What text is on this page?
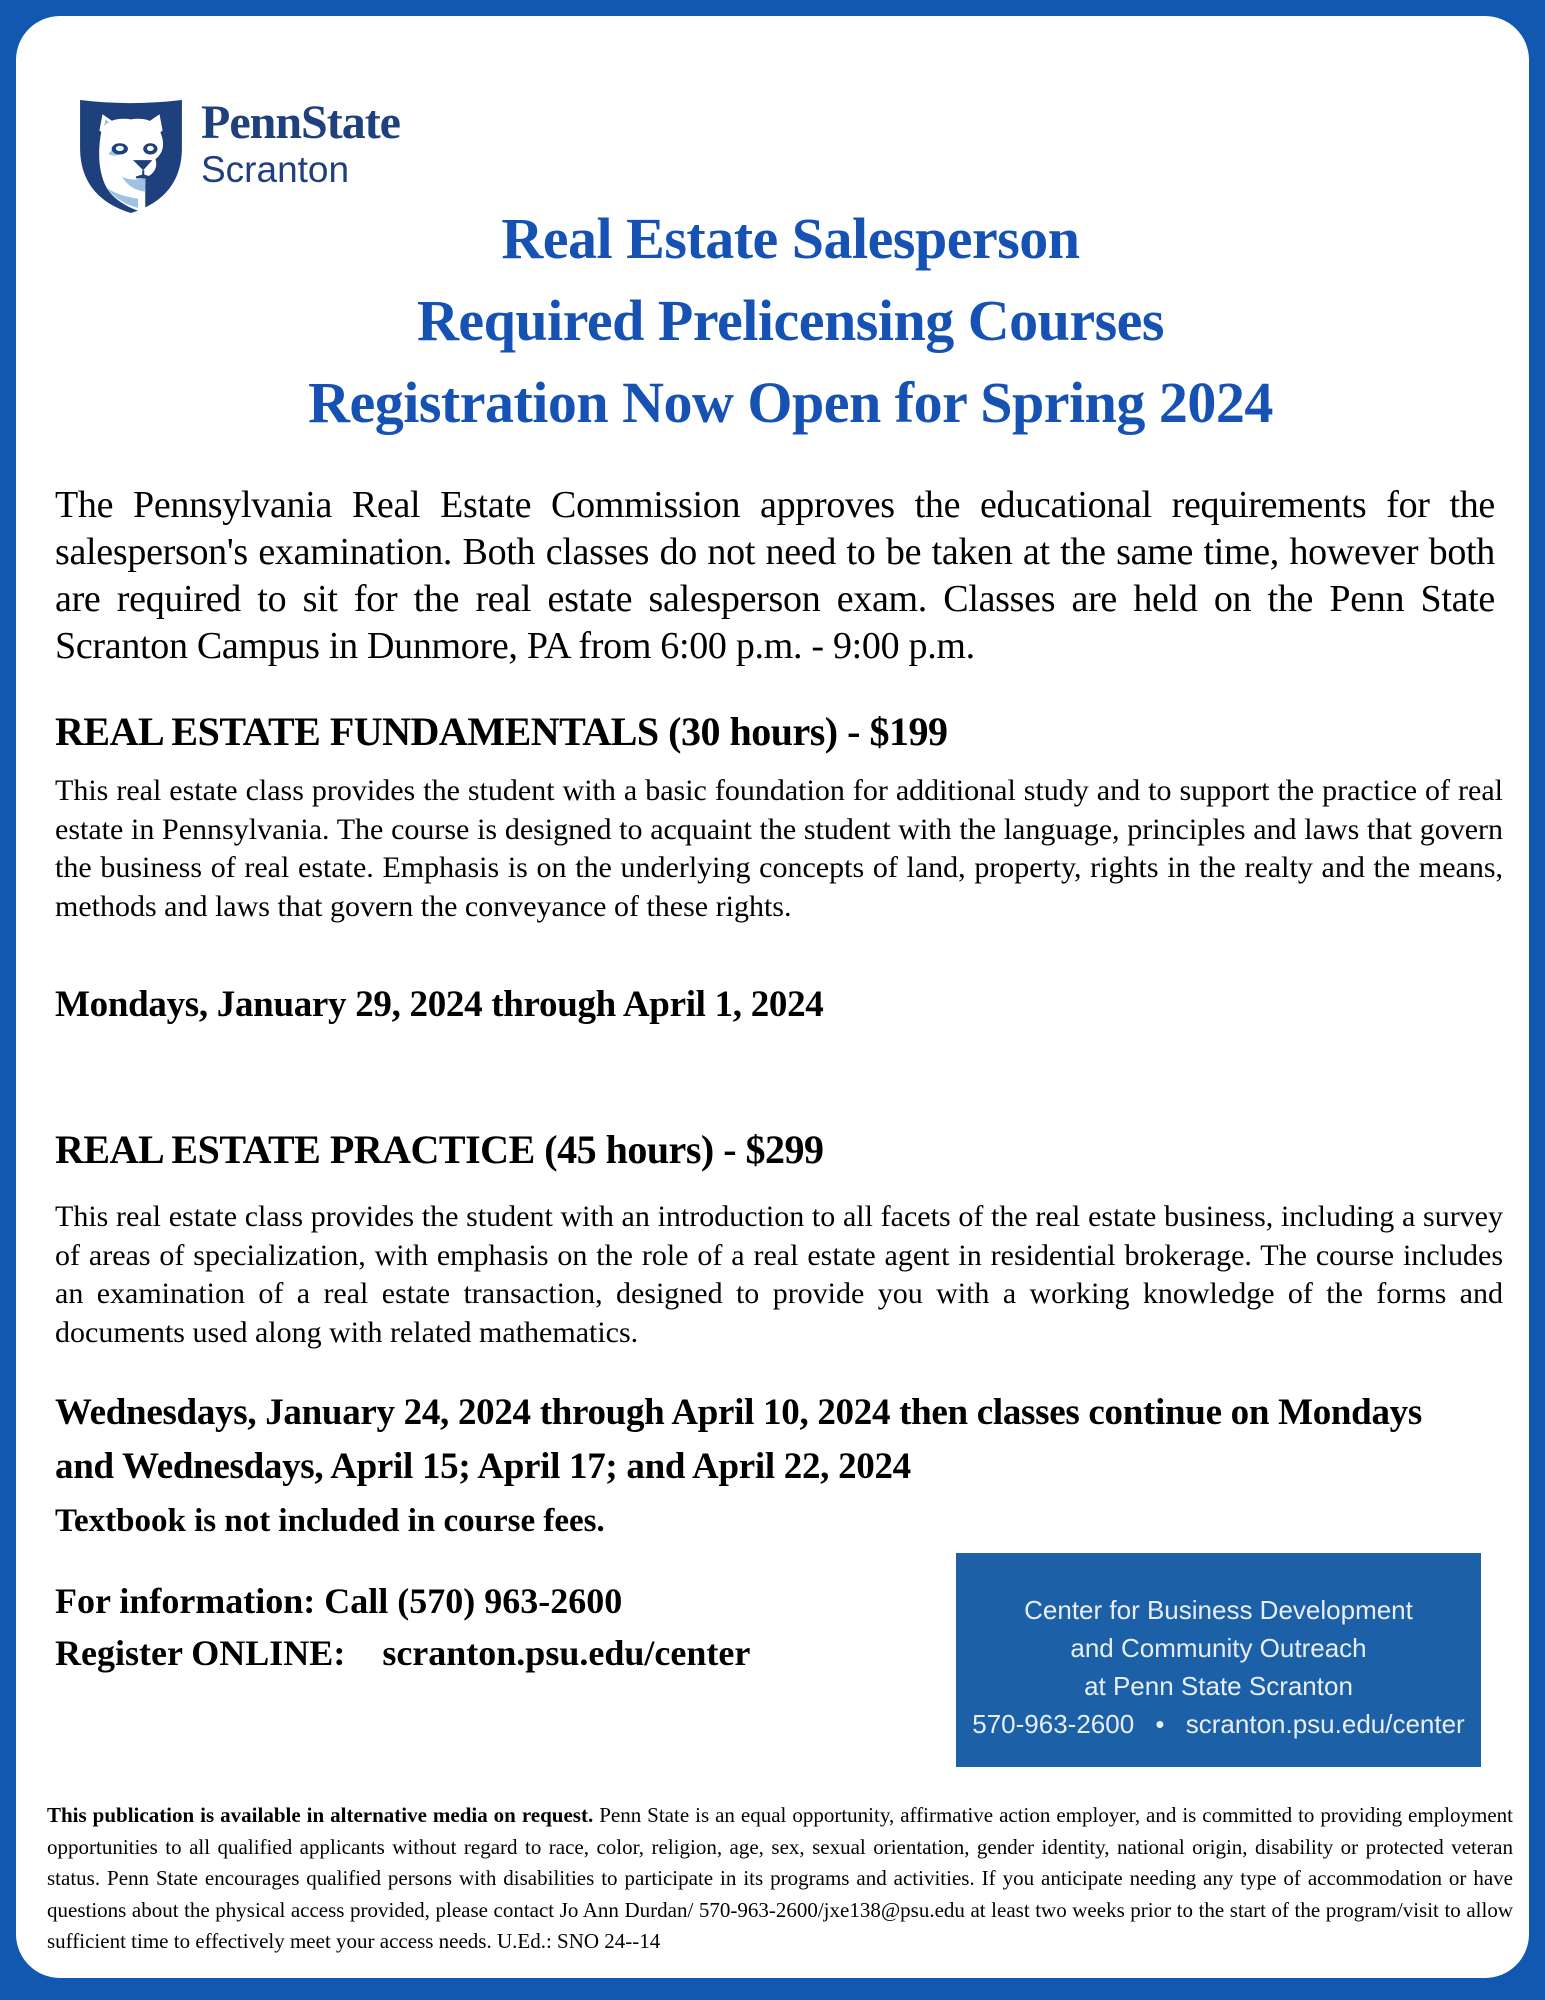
PennState
Scranton
Real Estate Salesperson
Required Prelicensing Courses
Registration Now Open for Spring 2024
The Pennsylvania Real Estate Commission approves the educational requirements for the salesperson's examination. Both classes do not need to be taken at the same time, however both are required to sit for the real estate salesperson exam. Classes are held on the Penn State Scranton Campus in Dunmore, PA from 6:00 p.m. - 9:00 p.m.
REAL ESTATE FUNDAMENTALS (30 hours) - $199
This real estate class provides the student with a basic foundation for additional study and to support the practice of real estate in Pennsylvania. The course is designed to acquaint the student with the language, principles and laws that govern the business of real estate. Emphasis is on the underlying concepts of land, property, rights in the realty and the means, methods and laws that govern the conveyance of these rights.
Mondays, January 29, 2024 through April 1, 2024
REAL ESTATE PRACTICE (45 hours) - $299
This real estate class provides the student with an introduction to all facets of the real estate business, including a survey of areas of specialization, with emphasis on the role of a real estate agent in residential brokerage. The course includes an examination of a real estate transaction, designed to provide you with a working knowledge of the forms and documents used along with related mathematics.
Wednesdays, January 24, 2024 through April 10, 2024 then classes continue on Mondays and Wednesdays, April 15; April 17; and April 22, 2024
Textbook is not included in course fees.
For information: Call (570) 963-2600
Register ONLINE: scranton.psu.edu/center
Center for Business Development
and Community Outreach
at Penn State Scranton
570-963-2600 • scranton.psu.edu/center
This publication is available in alternative media on request. Penn State is an equal opportunity, affirmative action employer, and is committed to providing employment opportunities to all qualified applicants without regard to race, color, religion, age, sex, sexual orientation, gender identity, national origin, disability or protected veteran status. Penn State encourages qualified persons with disabilities to participate in its programs and activities. If you anticipate needing any type of accommodation or have questions about the physical access provided, please contact Jo Ann Durdan/ 570-963-2600/jxe138@psu.edu at least two weeks prior to the start of the program/visit to allow sufficient time to effectively meet your access needs. U.Ed.: SNO 24--14
